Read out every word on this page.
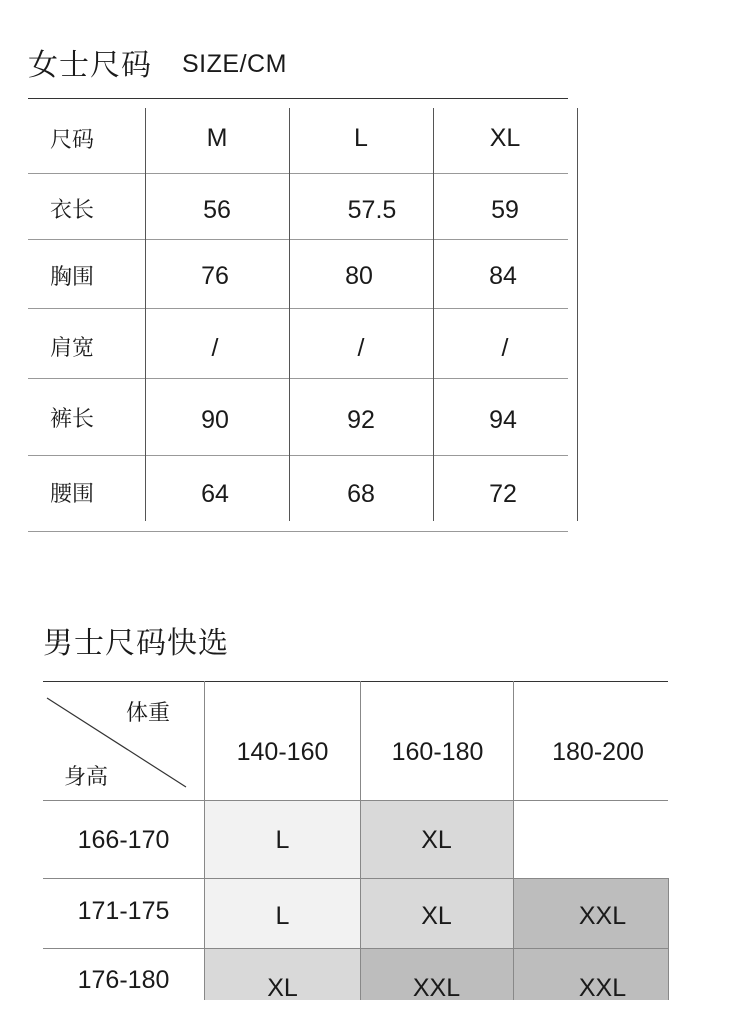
女士尺码 SIZE/CM
尺码	M	L	XL
衣长	56	57.5	59
胸围	76	80	84
肩宽	/	/	/
裤长	90	92	94
腰围	64	68	72
男士尺码快选
体重
身高
140-160	160-180	180-200
166-170	L	XL
171-175	L	XL	XXL
176-180	XL	XXL	XXL
